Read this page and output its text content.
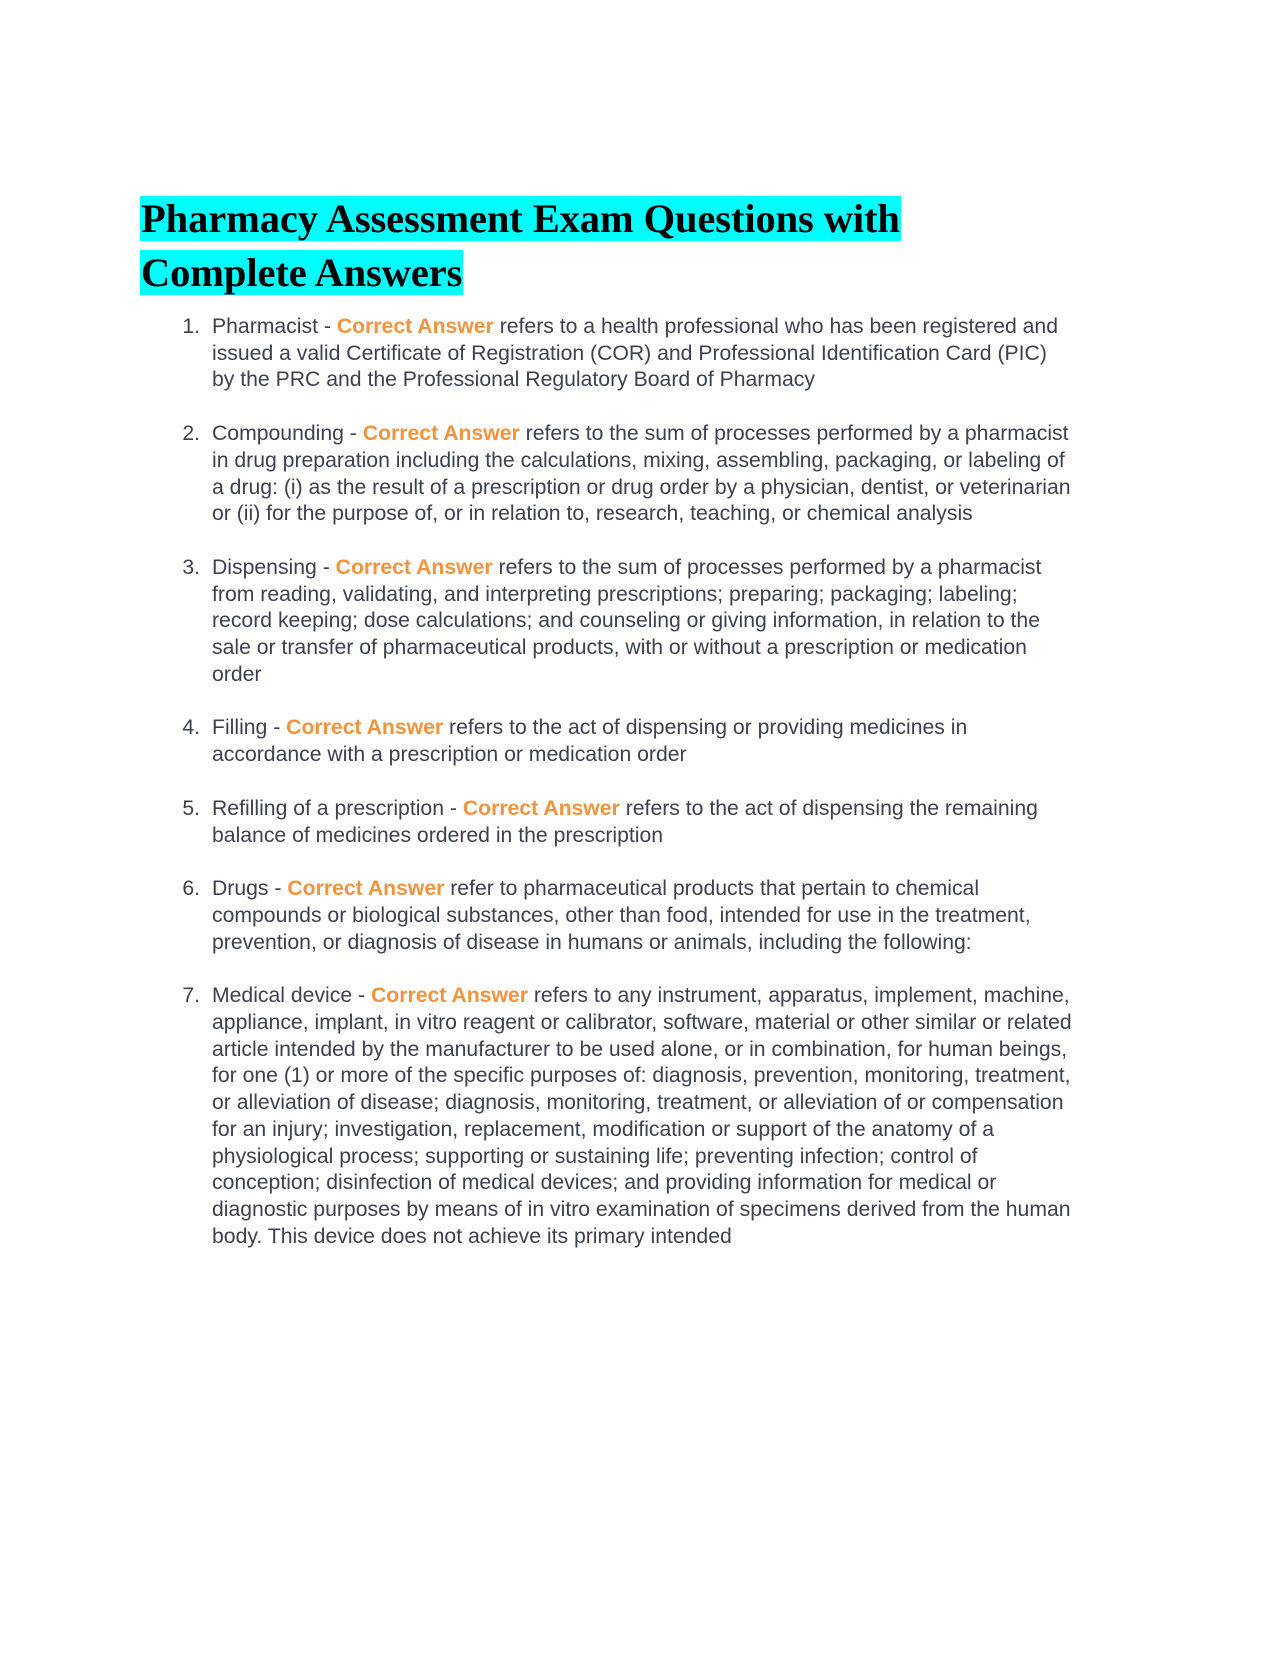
Pharmacy Assessment Exam Questions with
Complete Answers
Pharmacist - Correct Answer refers to a health professional who has been registered and issued a valid Certificate of Registration (COR) and Professional Identification Card (PIC) by the PRC and the Professional Regulatory Board of Pharmacy
Compounding - Correct Answer refers to the sum of processes performed by a pharmacist in drug preparation including the calculations, mixing, assembling, packaging, or labeling of a drug: (i) as the result of a prescription or drug order by a physician, dentist, or veterinarian or (ii) for the purpose of, or in relation to, research, teaching, or chemical analysis
Dispensing - Correct Answer refers to the sum of processes performed by a pharmacist from reading, validating, and interpreting prescriptions; preparing; packaging; labeling; record keeping; dose calculations; and counseling or giving information, in relation to the sale or transfer of pharmaceutical products, with or without a prescription or medication order
Filling - Correct Answer refers to the act of dispensing or providing medicines in accordance with a prescription or medication order
Refilling of a prescription - Correct Answer refers to the act of dispensing the remaining balance of medicines ordered in the prescription
Drugs - Correct Answer refer to pharmaceutical products that pertain to chemical compounds or biological substances, other than food, intended for use in the treatment, prevention, or diagnosis of disease in humans or animals, including the following:
Medical device - Correct Answer refers to any instrument, apparatus, implement, machine, appliance, implant, in vitro reagent or calibrator, software, material or other similar or related article intended by the manufacturer to be used alone, or in combination, for human beings, for one (1) or more of the specific purposes of: diagnosis, prevention, monitoring, treatment, or alleviation of disease; diagnosis, monitoring, treatment, or alleviation of or compensation for an injury; investigation, replacement, modification or support of the anatomy of a physiological process; supporting or sustaining life; preventing infection; control of conception; disinfection of medical devices; and providing information for medical or diagnostic purposes by means of in vitro examination of specimens derived from the human body. This device does not achieve its primary intended
